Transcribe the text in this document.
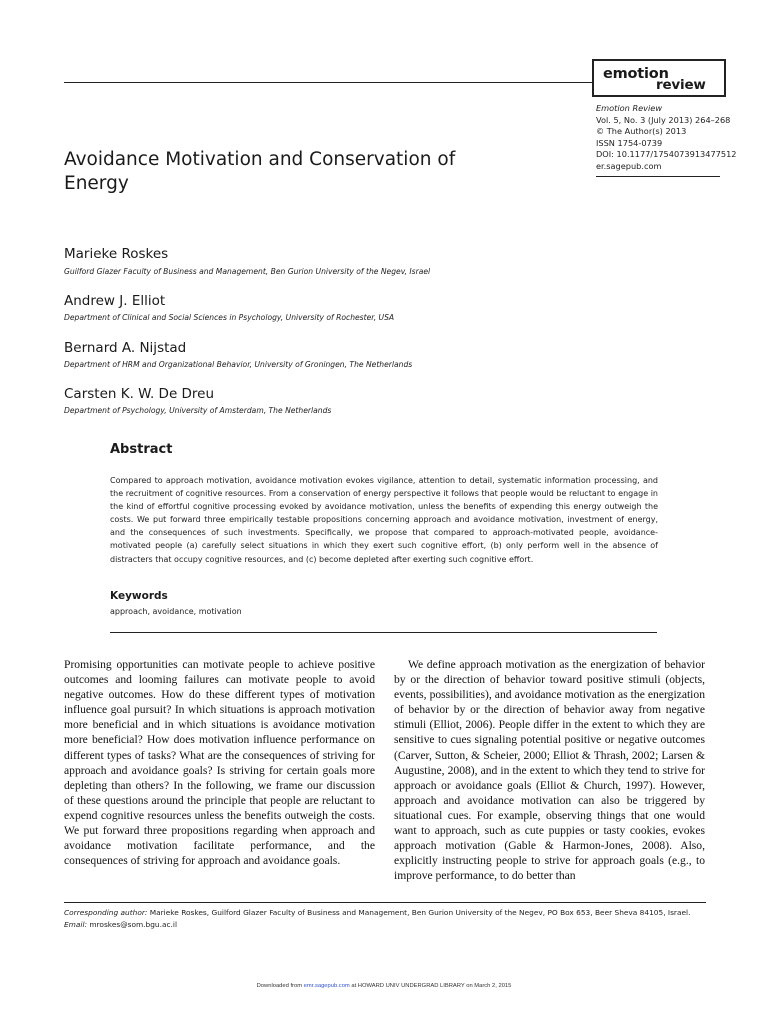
emotion
review
Emotion Review
Vol. 5, No. 3 (July 2013) 264–268
© The Author(s) 2013
ISSN 1754-0739
DOI: 10.1177/1754073913477512
er.sagepub.com
Avoidance Motivation and Conservation of Energy
Marieke Roskes
Guilford Glazer Faculty of Business and Management, Ben Gurion University of the Negev, Israel
Andrew J. Elliot
Department of Clinical and Social Sciences in Psychology, University of Rochester, USA
Bernard A. Nijstad
Department of HRM and Organizational Behavior, University of Groningen, The Netherlands
Carsten K. W. De Dreu
Department of Psychology, University of Amsterdam, The Netherlands
Abstract
Compared to approach motivation, avoidance motivation evokes vigilance, attention to detail, systematic information processing, and the recruitment of cognitive resources. From a conservation of energy perspective it follows that people would be reluctant to engage in the kind of effortful cognitive processing evoked by avoidance motivation, unless the benefits of expending this energy outweigh the costs. We put forward three empirically testable propositions concerning approach and avoidance motivation, investment of energy, and the consequences of such investments. Specifically, we propose that compared to approach-motivated people, avoidance-motivated people (a) carefully select situations in which they exert such cognitive effort, (b) only perform well in the absence of distracters that occupy cognitive resources, and (c) become depleted after exerting such cognitive effort.
Keywords
approach, avoidance, motivation
Promising opportunities can motivate people to achieve positive outcomes and looming failures can motivate people to avoid negative outcomes. How do these different types of motivation influence goal pursuit? In which situations is approach motivation more beneficial and in which situations is avoidance motivation more beneficial? How does motivation influence performance on different types of tasks? What are the consequences of striving for approach and avoidance goals? Is striving for certain goals more depleting than others? In the following, we frame our discussion of these questions around the principle that people are reluctant to expend cognitive resources unless the benefits outweigh the costs. We put forward three propositions regarding when approach and avoidance motivation facilitate performance, and the consequences of striving for approach and avoidance goals.
We define approach motivation as the energization of behavior by or the direction of behavior toward positive stimuli (objects, events, possibilities), and avoidance motivation as the energization of behavior by or the direction of behavior away from negative stimuli (Elliot, 2006). People differ in the extent to which they are sensitive to cues signaling potential positive or negative outcomes (Carver, Sutton, & Scheier, 2000; Elliot & Thrash, 2002; Larsen & Augustine, 2008), and in the extent to which they tend to strive for approach or avoidance goals (Elliot & Church, 1997). However, approach and avoidance motivation can also be triggered by situational cues. For example, observing things that one would want to approach, such as cute puppies or tasty cookies, evokes approach motivation (Gable & Harmon-Jones, 2008). Also, explicitly instructing people to strive for approach goals (e.g., to improve performance, to do better than
Corresponding author: Marieke Roskes, Guilford Glazer Faculty of Business and Management, Ben Gurion University of the Negev, PO Box 653, Beer Sheva 84105, Israel.
Email: mroskes@som.bgu.ac.il
Downloaded from emr.sagepub.com at HOWARD UNIV UNDERGRAD LIBRARY on March 2, 2015
